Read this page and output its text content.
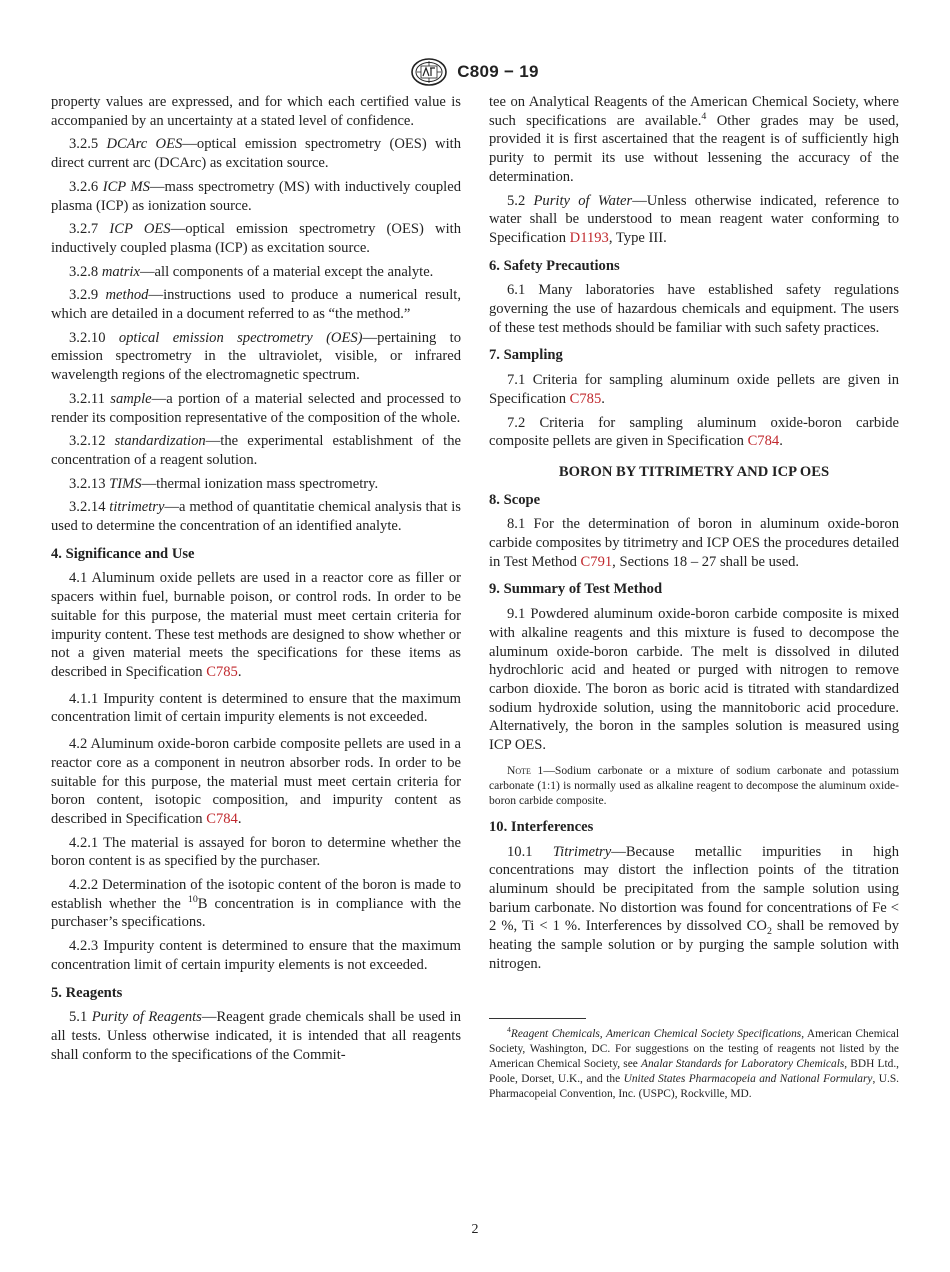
C809 − 19

property values are expressed, and for which each certified value is accompanied by an uncertainty at a stated level of confidence.

3.2.5 DCArc OES—optical emission spectrometry (OES) with direct current arc (DCArc) as excitation source.

3.2.6 ICP MS—mass spectrometry (MS) with inductively coupled plasma (ICP) as ionization source.

3.2.7 ICP OES—optical emission spectrometry (OES) with inductively coupled plasma (ICP) as excitation source.

3.2.8 matrix—all components of a material except the analyte.

3.2.9 method—instructions used to produce a numerical result, which are detailed in a document referred to as “the method.”

3.2.10 optical emission spectrometry (OES)—pertaining to emission spectrometry in the ultraviolet, visible, or infrared wavelength regions of the electromagnetic spectrum.

3.2.11 sample—a portion of a material selected and processed to render its composition representative of the composition of the whole.

3.2.12 standardization—the experimental establishment of the concentration of a reagent solution.

3.2.13 TIMS—thermal ionization mass spectrometry.

3.2.14 titrimetry—a method of quantitatie chemical analysis that is used to determine the concentration of an identified analyte.

4. Significance and Use

4.1 Aluminum oxide pellets are used in a reactor core as filler or spacers within fuel, burnable poison, or control rods. In order to be suitable for this purpose, the material must meet certain criteria for impurity content. These test methods are designed to show whether or not a given material meets the specifications for these items as described in Specification C785.

4.1.1 Impurity content is determined to ensure that the maximum concentration limit of certain impurity elements is not exceeded.

4.2 Aluminum oxide-boron carbide composite pellets are used in a reactor core as a component in neutron absorber rods. In order to be suitable for this purpose, the material must meet certain criteria for boron content, isotopic composition, and impurity content as described in Specification C784.

4.2.1 The material is assayed for boron to determine whether the boron content is as specified by the purchaser.

4.2.2 Determination of the isotopic content of the boron is made to establish whether the $^{10}$B concentration is in compliance with the purchaser’s specifications.

4.2.3 Impurity content is determined to ensure that the maximum concentration limit of certain impurity elements is not exceeded.

5. Reagents

5.1 Purity of Reagents—Reagent grade chemicals shall be used in all tests. Unless otherwise indicated, it is intended that all reagents shall conform to the specifications of the Commit-

tee on Analytical Reagents of the American Chemical Society, where such specifications are available.$^4$ Other grades may be used, provided it is first ascertained that the reagent is of sufficiently high purity to permit its use without lessening the accuracy of the determination.

5.2 Purity of Water—Unless otherwise indicated, reference to water shall be understood to mean reagent water conforming to Specification D1193, Type III.

6. Safety Precautions

6.1 Many laboratories have established safety regulations governing the use of hazardous chemicals and equipment. The users of these test methods should be familiar with such safety practices.

7. Sampling

7.1 Criteria for sampling aluminum oxide pellets are given in Specification C785.

7.2 Criteria for sampling aluminum oxide-boron carbide composite pellets are given in Specification C784.

BORON BY TITRIMETRY AND ICP OES
8. Scope

8.1 For the determination of boron in aluminum oxide-boron carbide composites by titrimetry and ICP OES the procedures detailed in Test Method C791, Sections 18 – 27 shall be used.

9. Summary of Test Method

9.1 Powdered aluminum oxide-boron carbide composite is mixed with alkaline reagents and this mixture is fused to decompose the aluminum oxide-boron carbide. The melt is dissolved in diluted hydrochloric acid and heated or purged with nitrogen to remove carbon dioxide. The boron as boric acid is titrated with standardized sodium hydroxide solution, using the mannitoboric acid procedure. Alternatively, the boron in the samples solution is measured using ICP OES.

Note 1—Sodium carbonate or a mixture of sodium carbonate and potassium carbonate (1:1) is normally used as alkaline reagent to decompose the aluminum oxide-boron carbide composite.

10. Interferences

10.1 Titrimetry—Because metallic impurities in high concentrations may distort the inflection points of the titration aluminum should be precipitated from the sample solution using barium carbonate. No distortion was found for concentrations of Fe < 2 %, Ti < 1 %. Interferences by dissolved $CO_2$ shall be removed by heating the sample solution or by purging the sample solution with nitrogen.

$^4$Reagent Chemicals, American Chemical Society Specifications, American Chemical Society, Washington, DC. For suggestions on the testing of reagents not listed by the American Chemical Society, see Analar Standards for Laboratory Chemicals, BDH Ltd., Poole, Dorset, U.K., and the United States Pharmacopeia and National Formulary, U.S. Pharmacopeial Convention, Inc. (USPC), Rockville, MD.

2
